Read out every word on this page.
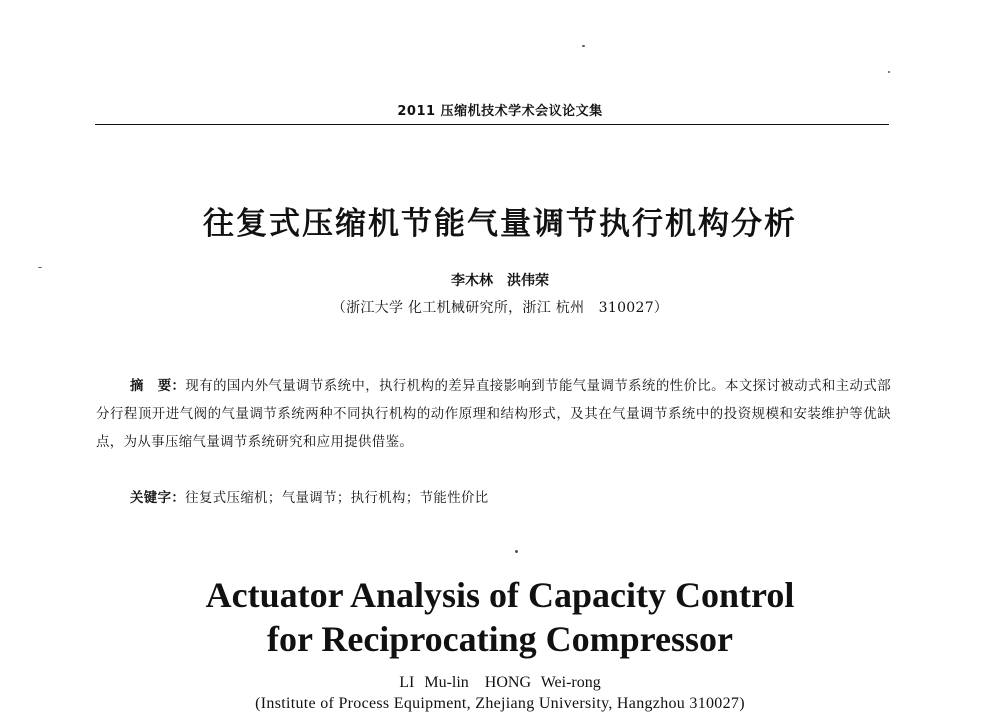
2011 压缩机技术学术会议论文集
往复式压缩机节能气量调节执行机构分析
李木林　洪伟荣
（浙江大学 化工机械研究所，浙江 杭州　310027）
摘　要：现有的国内外气量调节系统中，执行机构的差异直接影响到节能气量调节系统的性价比。本文探讨被动式和主动式部分行程顶开进气阀的气量调节系统两种不同执行机构的动作原理和结构形式，及其在气量调节系统中的投资规模和安装维护等优缺点，为从事压缩气量调节系统研究和应用提供借鉴。
关键字：往复式压缩机；气量调节；执行机构；节能性价比
Actuator Analysis of Capacity Control
for Reciprocating Compressor
LI Mu-lin　HONG Wei-rong
(Institute of Process Equipment, Zhejiang University, Hangzhou 310027)
